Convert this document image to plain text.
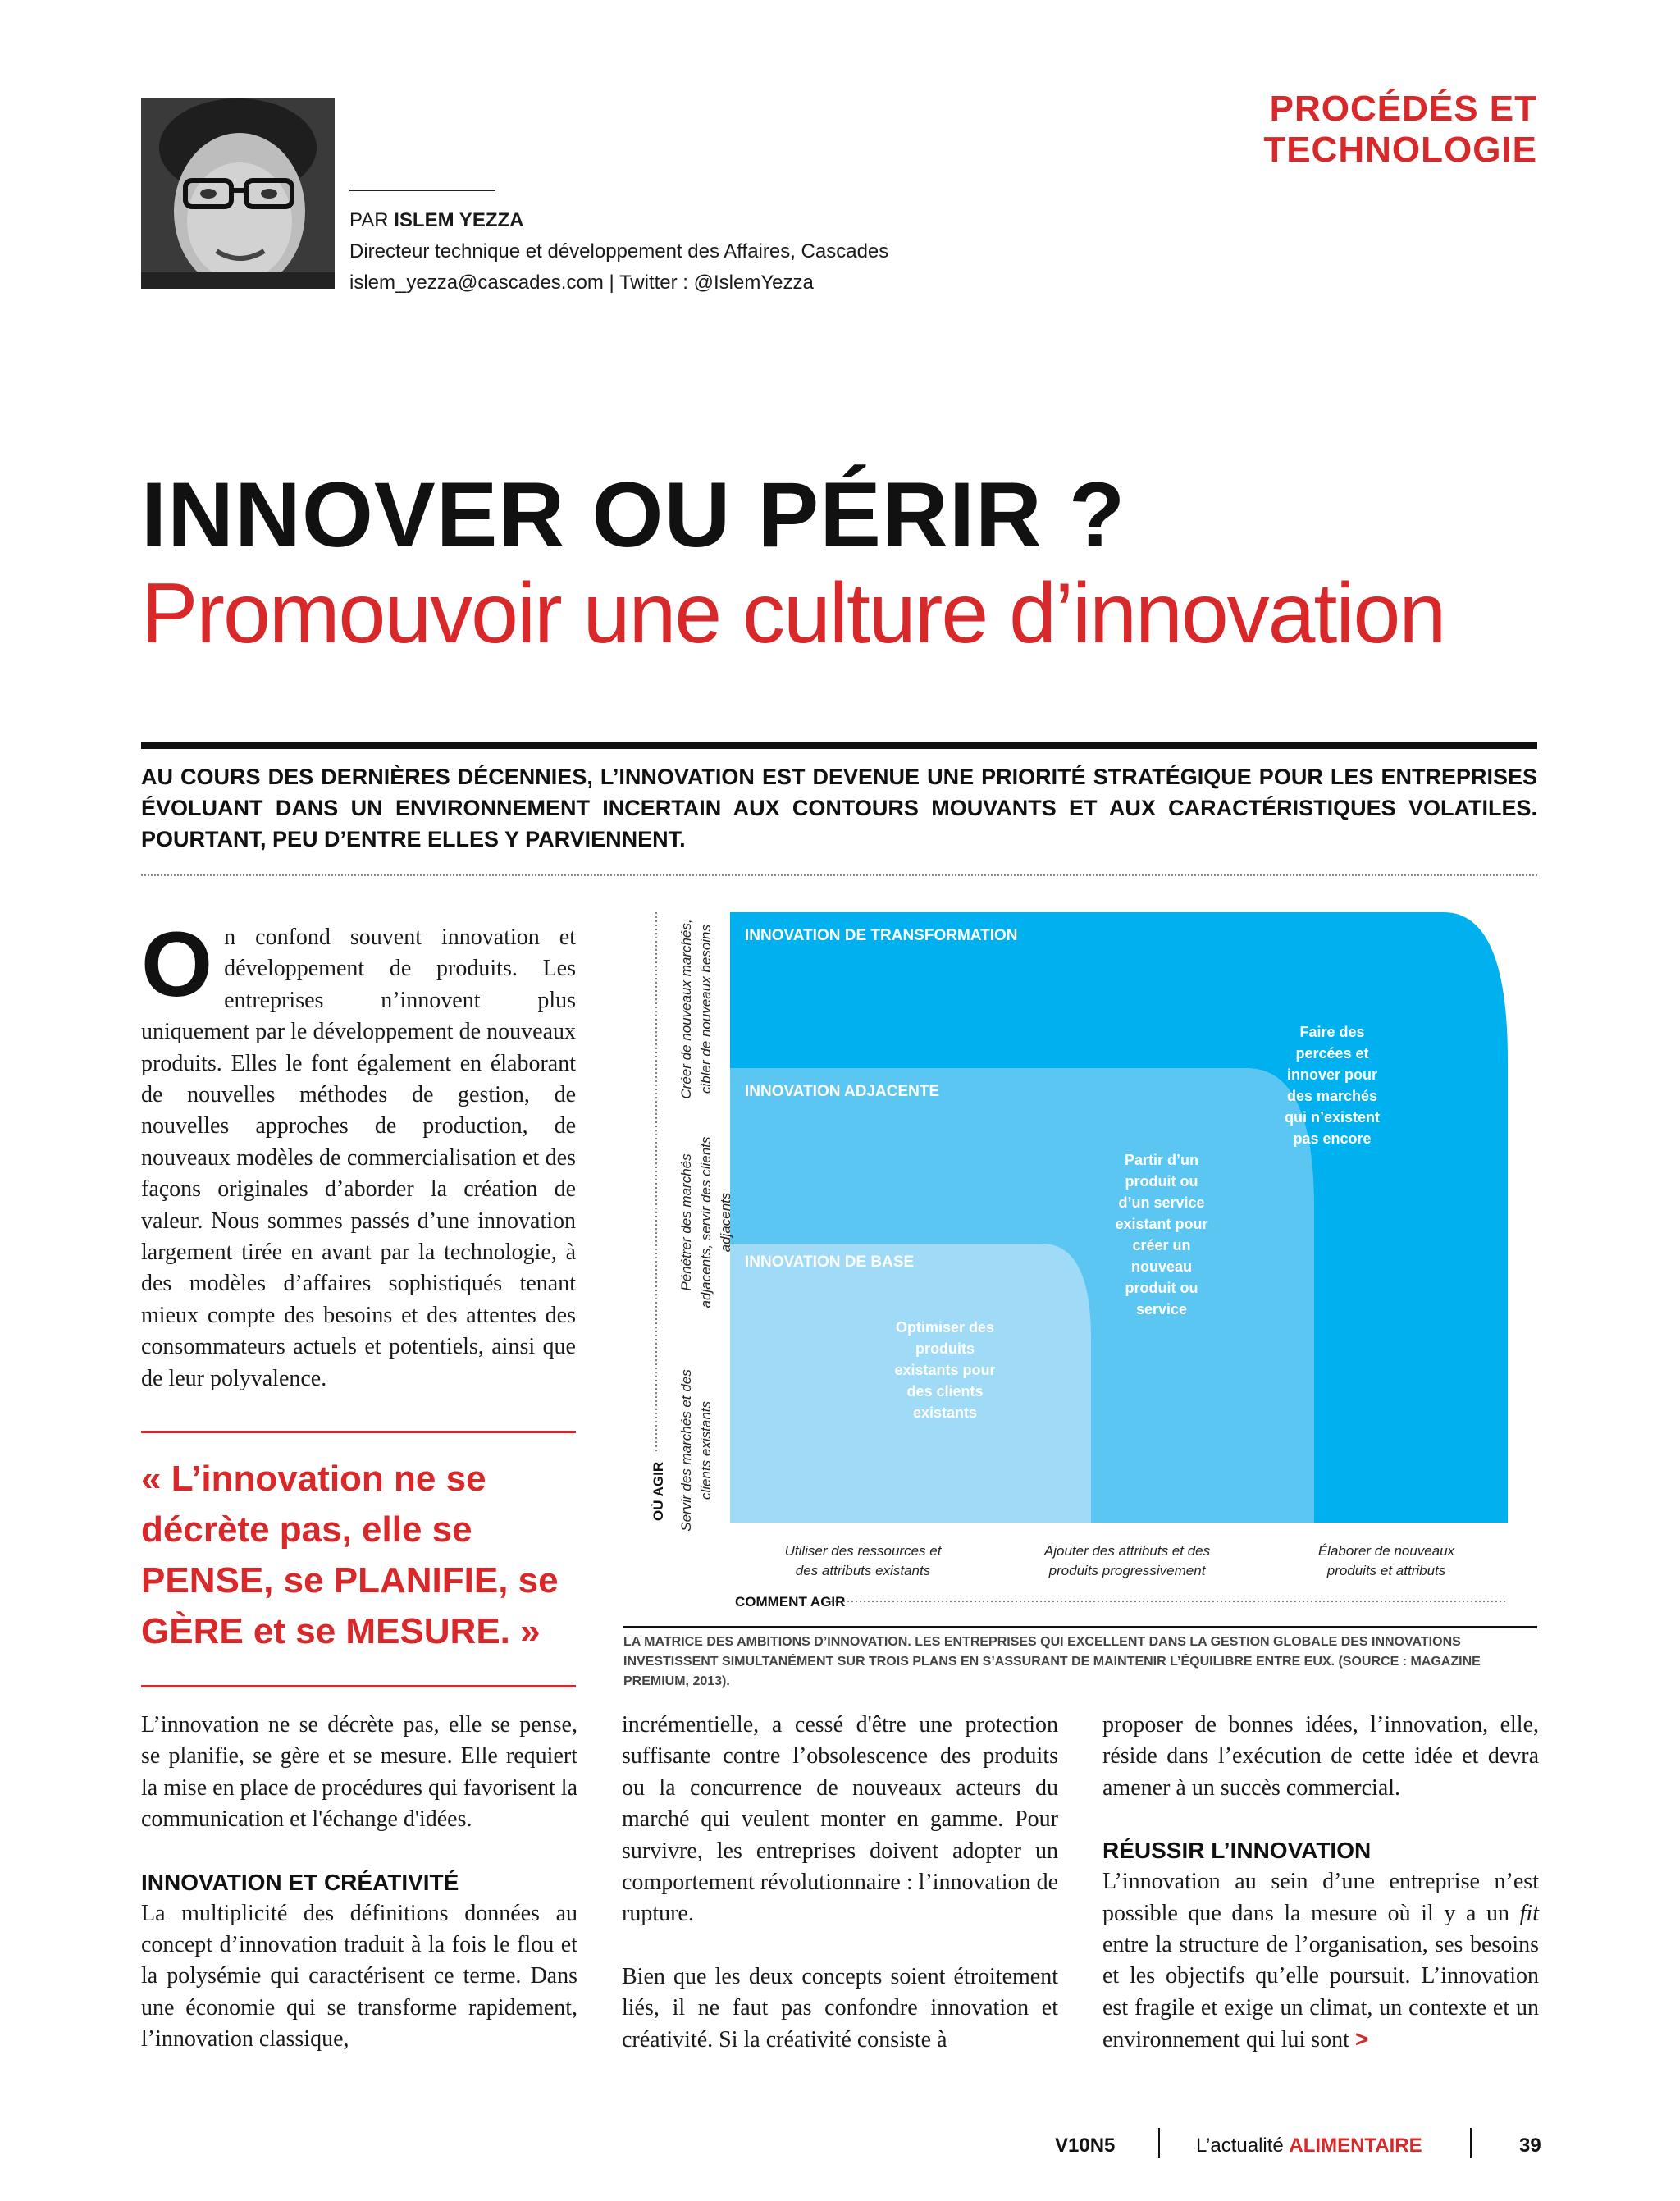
PROCÉDÉS ET TECHNOLOGIE
PAR ISLEM YEZZA
Directeur technique et développement des Affaires, Cascades
islem_yezza@cascades.com | Twitter : @IslemYezza
INNOVER OU PÉRIR ?
Promouvoir une culture d’innovation
AU COURS DES DERNIÈRES DÉCENNIES, L’INNOVATION EST DEVENUE UNE PRIORITÉ STRATÉGIQUE POUR LES ENTREPRISES ÉVOLUANT DANS UN ENVIRONNEMENT INCERTAIN AUX CONTOURS MOUVANTS ET AUX CARACTÉRISTIQUES VOLATILES. POURTANT, PEU D’ENTRE ELLES Y PARVIENNENT.
On confond souvent innovation et développement de produits. Les entreprises n’innovent plus uniquement par le développement de nouveaux produits. Elles le font également en élaborant de nouvelles méthodes de gestion, de nouvelles approches de production, de nouveaux modèles de commercialisation et des façons originales d’aborder la création de valeur. Nous sommes passés d’une innovation largement tirée en avant par la technologie, à des modèles d’affaires sophistiqués tenant mieux compte des besoins et des attentes des consommateurs actuels et potentiels, ainsi que de leur polyvalence.
« L’innovation ne se décrète pas, elle se PENSE, se PLANIFIE, se GÈRE et se MESURE. »
INNOVATION DE TRANSFORMATION
INNOVATION ADJACENTE
INNOVATION DE BASE
Optimiser des
produits
existants pour
des clients
existants
Partir d’un
produit ou
d’un service
existant pour
créer un
nouveau
produit ou
service
Faire des
percées et
innover pour
des marchés
qui n’existent
pas encore
OÙ AGIR Servir des marchés et des clients existants
Pénétrer des marchés adjacents, servir des clients adjacents
Créer de nouveaux marchés, cibler de nouveaux besoins
Utiliser des ressources et
des attributs existants
Ajouter des attributs et des
produits progressivement
Élaborer de nouveaux
produits et attributs
COMMENT AGIR
LA MATRICE DES AMBITIONS D’INNOVATION. LES ENTREPRISES QUI EXCELLENT DANS LA GESTION GLOBALE DES INNOVATIONS INVESTISSENT SIMULTANÉMENT SUR TROIS PLANS EN S’ASSURANT DE MAINTENIR L’ÉQUILIBRE ENTRE EUX. (SOURCE : MAGAZINE PREMIUM, 2013).

L’innovation ne se décrète pas, elle se pense, se planifie, se gère et se mesure. Elle requiert la mise en place de procédures qui favorisent la communication et l'échange d'idées.

INNOVATION ET CRÉATIVITÉ

La multiplicité des définitions données au concept d’innovation traduit à la fois le flou et la polysémie qui caractérisent ce terme. Dans une économie qui se transforme rapidement, l’innovation classique,

incrémentielle, a cessé d'être une protection suffisante contre l’obsolescence des produits ou la concurrence de nouveaux acteurs du marché qui veulent monter en gamme. Pour survivre, les entreprises doivent adopter un comportement révolutionnaire : l’innovation de rupture.

Bien que les deux concepts soient étroitement liés, il ne faut pas confondre innovation et créativité. Si la créativité consiste à

proposer de bonnes idées, l’innovation, elle, réside dans l’exécution de cette idée et devra amener à un succès commercial.

RÉUSSIR L’INNOVATION

L’innovation au sein d’une entreprise n’est possible que dans la mesure où il y a un fit entre la structure de l’organisation, ses besoins et les objectifs qu’elle poursuit. L’innovation est fragile et exige un climat, un contexte et un environnement qui lui sont >

V10N5	L’actualité ALIMENTAIRE	39
